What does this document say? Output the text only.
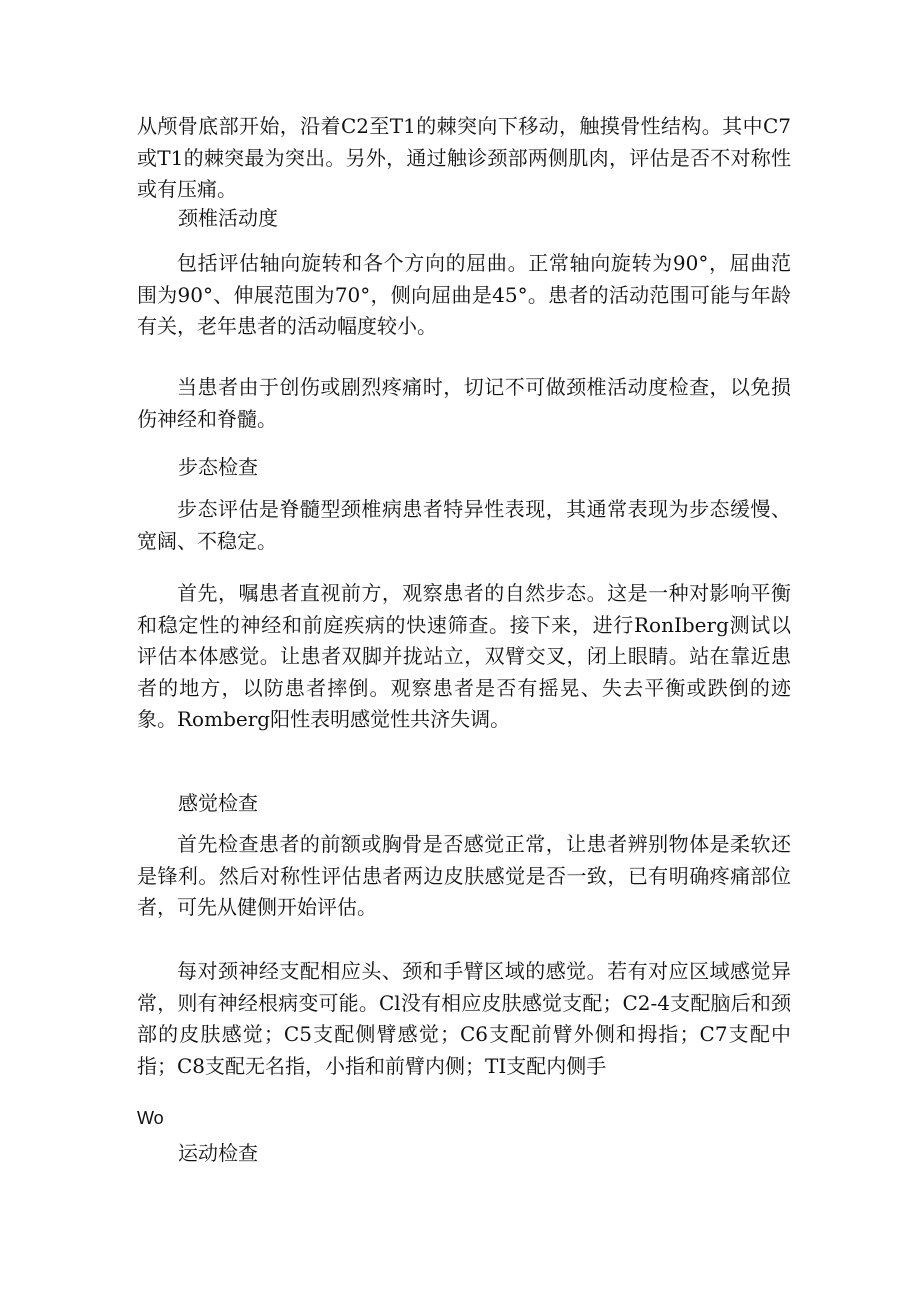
从颅骨底部开始，沿着C2至T1的棘突向下移动，触摸骨性结构。其中C7或T1的棘突最为突出。另外，通过触诊颈部两侧肌肉，评估是否不对称性或有压痛。

颈椎活动度

包括评估轴向旋转和各个方向的屈曲。正常轴向旋转为90°，屈曲范围为90°、伸展范围为70°，侧向屈曲是45°。患者的活动范围可能与年龄有关，老年患者的活动幅度较小。

当患者由于创伤或剧烈疼痛时，切记不可做颈椎活动度检查，以免损伤神经和脊髓。

步态检查

步态评估是脊髓型颈椎病患者特异性表现，其通常表现为步态缓慢、宽阔、不稳定。

首先，嘱患者直视前方，观察患者的自然步态。这是一种对影响平衡和稳定性的神经和前庭疾病的快速筛查。接下来，进行RonIberg测试以评估本体感觉。让患者双脚并拢站立，双臂交叉，闭上眼睛。站在靠近患者的地方，以防患者摔倒。观察患者是否有摇晃、失去平衡或跌倒的迹象。Romberg阳性表明感觉性共济失调。

感觉检查

首先检查患者的前额或胸骨是否感觉正常，让患者辨别物体是柔软还是锋利。然后对称性评估患者两边皮肤感觉是否一致，已有明确疼痛部位者，可先从健侧开始评估。

每对颈神经支配相应头、颈和手臂区域的感觉。若有对应区域感觉异常，则有神经根病变可能。Cl没有相应皮肤感觉支配；C2-4支配脑后和颈部的皮肤感觉；C5支配侧臂感觉；C6支配前臂外侧和拇指；C7支配中指；C8支配无名指，小指和前臂内侧；TI支配内侧手

Wo

运动检查
